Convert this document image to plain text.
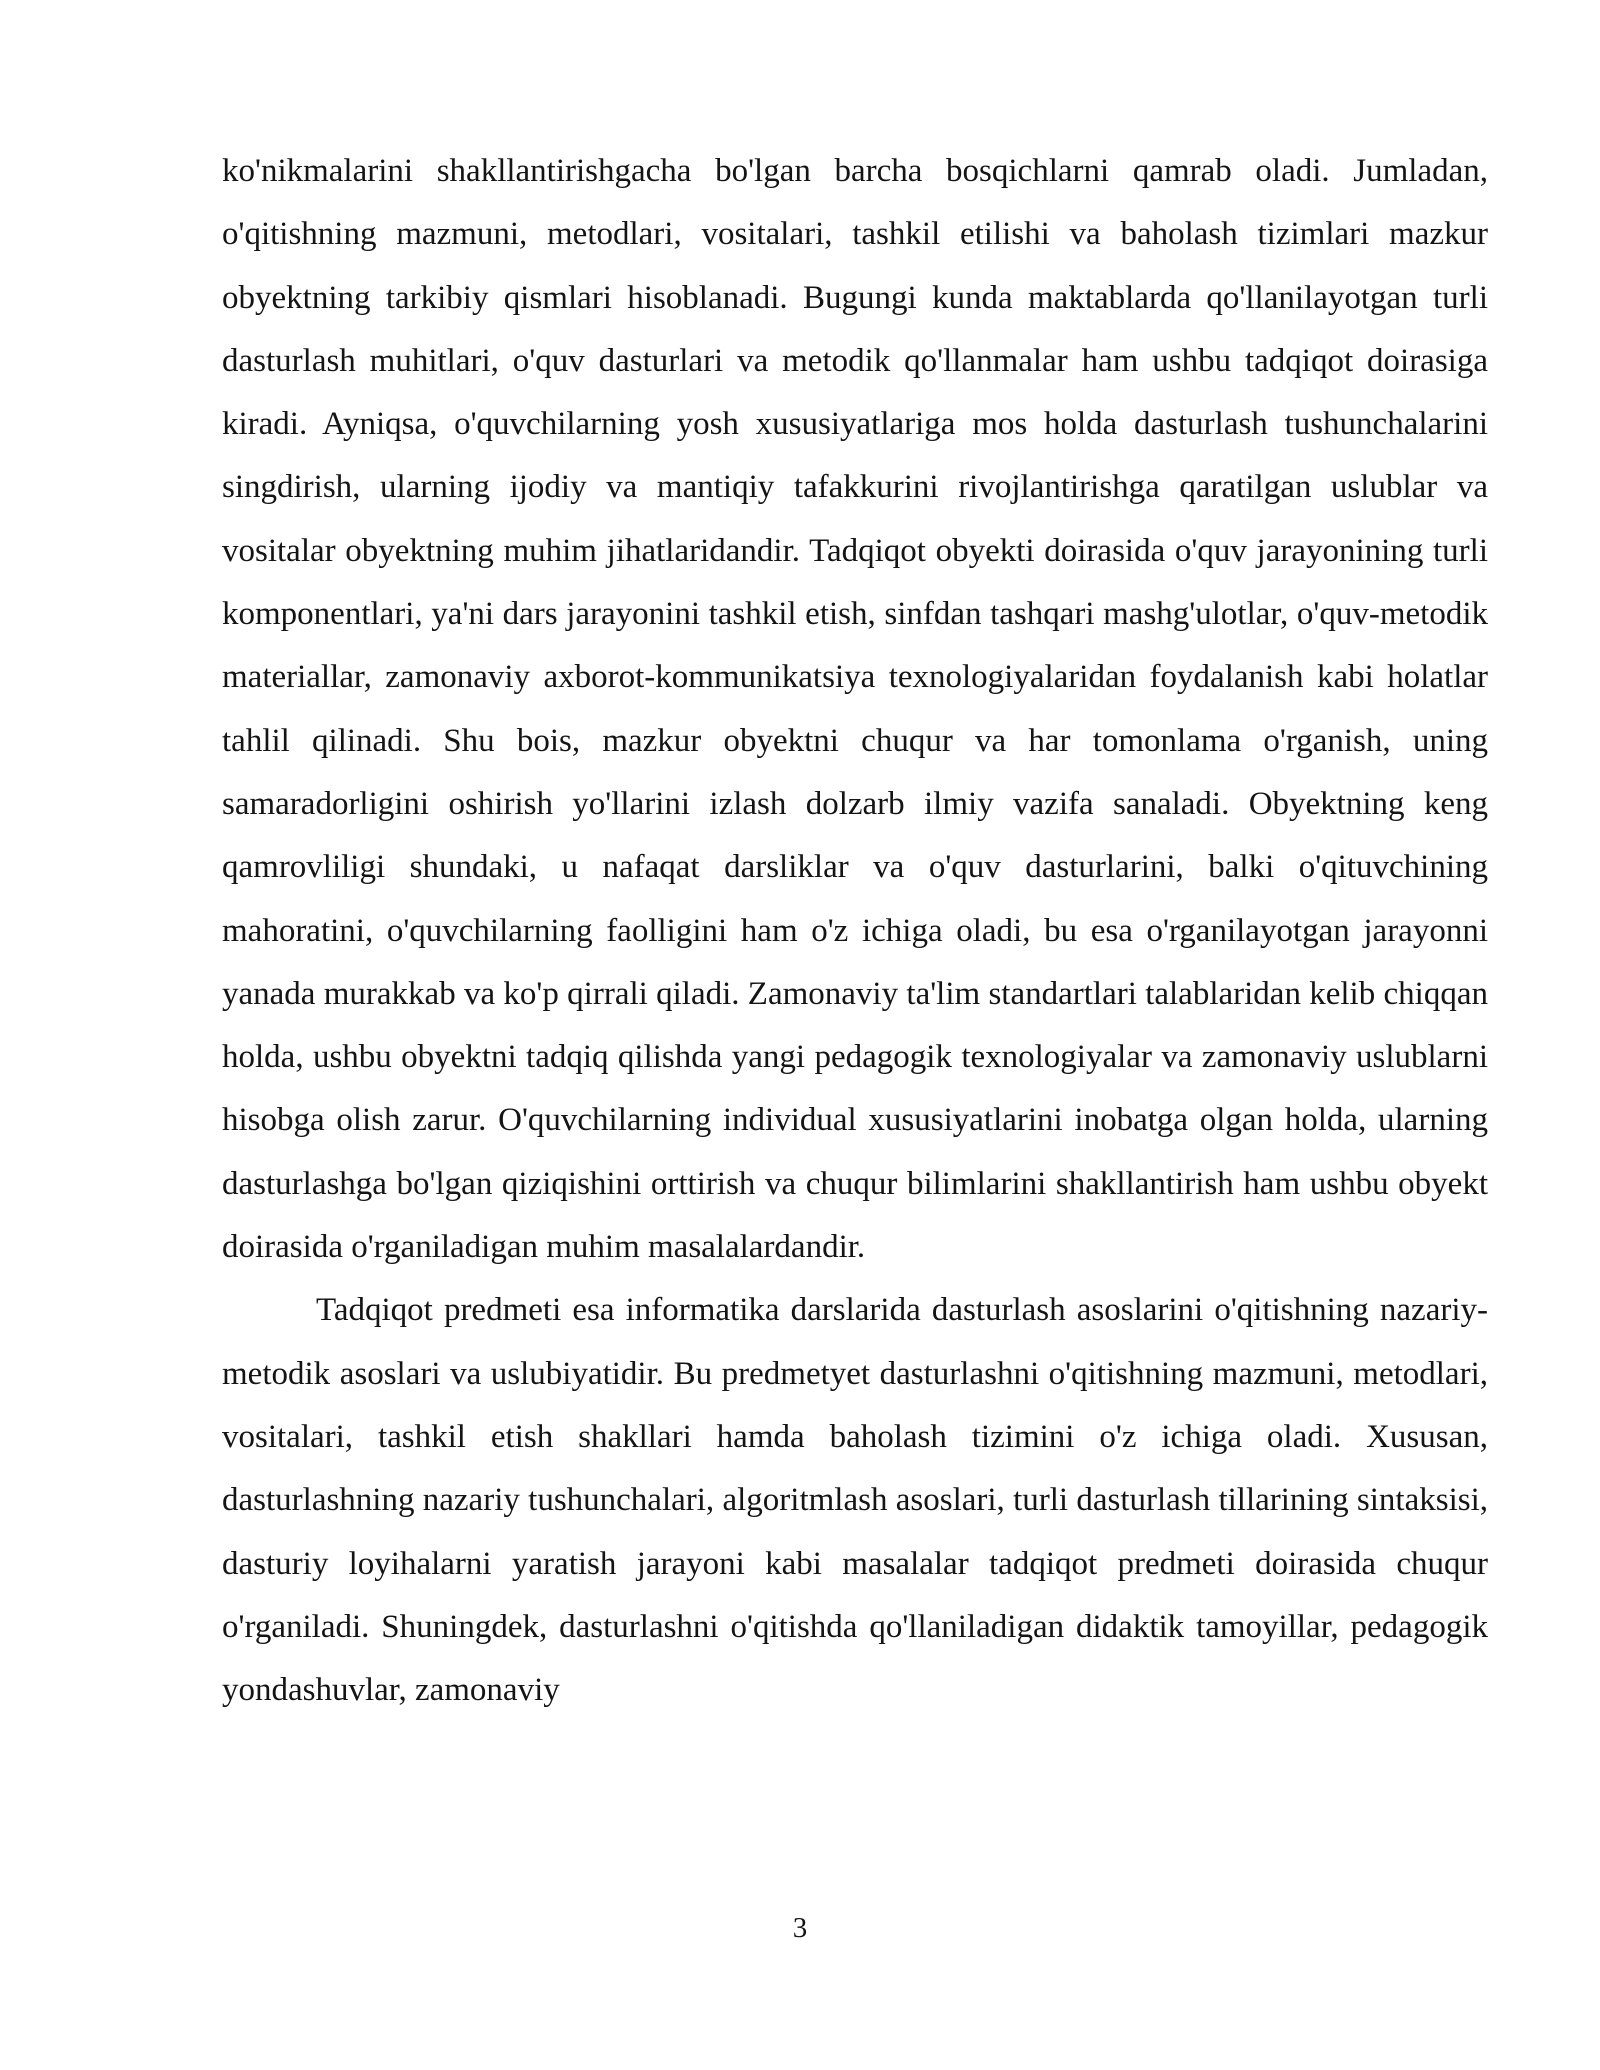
ko'nikmalarini shakllantirishgacha bo'lgan barcha bosqichlarni qamrab oladi. Jumladan, o'qitishning mazmuni, metodlari, vositalari, tashkil etilishi va baholash tizimlari mazkur obyektning tarkibiy qismlari hisoblanadi. Bugungi kunda maktablarda qo'llanilayotgan turli dasturlash muhitlari, o'quv dasturlari va metodik qo'llanmalar ham ushbu tadqiqot doirasiga kiradi. Ayniqsa, o'quvchilarning yosh xususiyatlariga mos holda dasturlash tushunchalarini singdirish, ularning ijodiy va mantiqiy tafakkurini rivojlantirishga qaratilgan uslublar va vositalar obyektning muhim jihatlaridandir. Tadqiqot obyekti doirasida o'quv jarayonining turli komponentlari, ya'ni dars jarayonini tashkil etish, sinfdan tashqari mashg'ulotlar, o'quv-metodik materiallar, zamonaviy axborot-kommunikatsiya texnologiyalaridan foydalanish kabi holatlar tahlil qilinadi. Shu bois, mazkur obyektni chuqur va har tomonlama o'rganish, uning samaradorligini oshirish yo'llarini izlash dolzarb ilmiy vazifa sanaladi. Obyektning keng qamrovliligi shundaki, u nafaqat darsliklar va o'quv dasturlarini, balki o'qituvchining mahoratini, o'quvchilarning faolligini ham o'z ichiga oladi, bu esa o'rganilayotgan jarayonni yanada murakkab va ko'p qirrali qiladi. Zamonaviy ta'lim standartlari talablaridan kelib chiqqan holda, ushbu obyektni tadqiq qilishda yangi pedagogik texnologiyalar va zamonaviy uslublarni hisobga olish zarur. O'quvchilarning individual xususiyatlarini inobatga olgan holda, ularning dasturlashga bo'lgan qiziqishini orttirish va chuqur bilimlarini shakllantirish ham ushbu obyekt doirasida o'rganiladigan muhim masalalardandir.

Tadqiqot predmeti esa informatika darslarida dasturlash asoslarini o'qitishning nazariy-metodik asoslari va uslubiyatidir. Bu predmetyet dasturlashni o'qitishning mazmuni, metodlari, vositalari, tashkil etish shakllari hamda baholash tizimini o'z ichiga oladi. Xususan, dasturlashning nazariy tushunchalari, algoritmlash asoslari, turli dasturlash tillarining sintaksisi, dasturiy loyihalarni yaratish jarayoni kabi masalalar tadqiqot predmeti doirasida chuqur o'rganiladi. Shuningdek, dasturlashni o'qitishda qo'llaniladigan didaktik tamoyillar, pedagogik yondashuvlar, zamonaviy

3
